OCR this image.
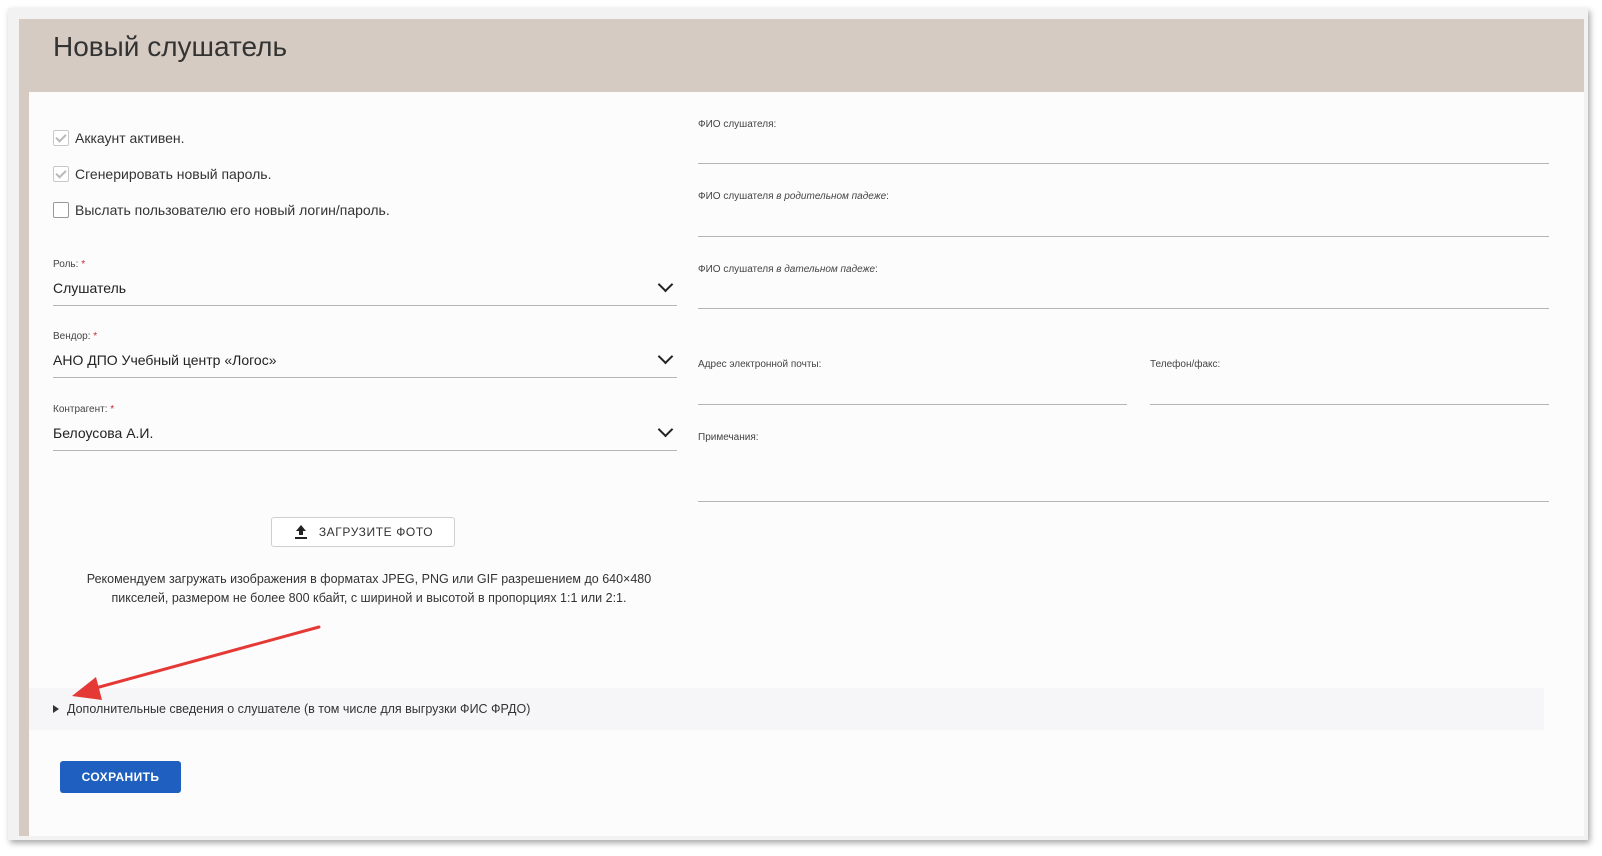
Новый слушатель
Аккаунт активен.
Сгенерировать новый пароль.
Выслать пользователю его новый логин/пароль.
Роль: *
Слушатель
Вендор: *
АНО ДПО Учебный центр «Логос»
Контрагент: *
Белоусова А.И.
ФИО слушателя:
ФИО слушателя в родительном падеже:
ФИО слушателя в дательном падеже:
Адрес электронной почты:	Телефон/факс:
Примечания:
ЗАГРУЗИТЕ ФОТО
Рекомендуем загружать изображения в форматах JPEG, PNG или GIF разрешением до 640×480
пикселей, размером не более 800 кбайт, с шириной и высотой в пропорциях 1:1 или 2:1.
Дополнительные сведения о слушателе (в том числе для выгрузки ФИС ФРДО)
СОХРАНИТЬ
